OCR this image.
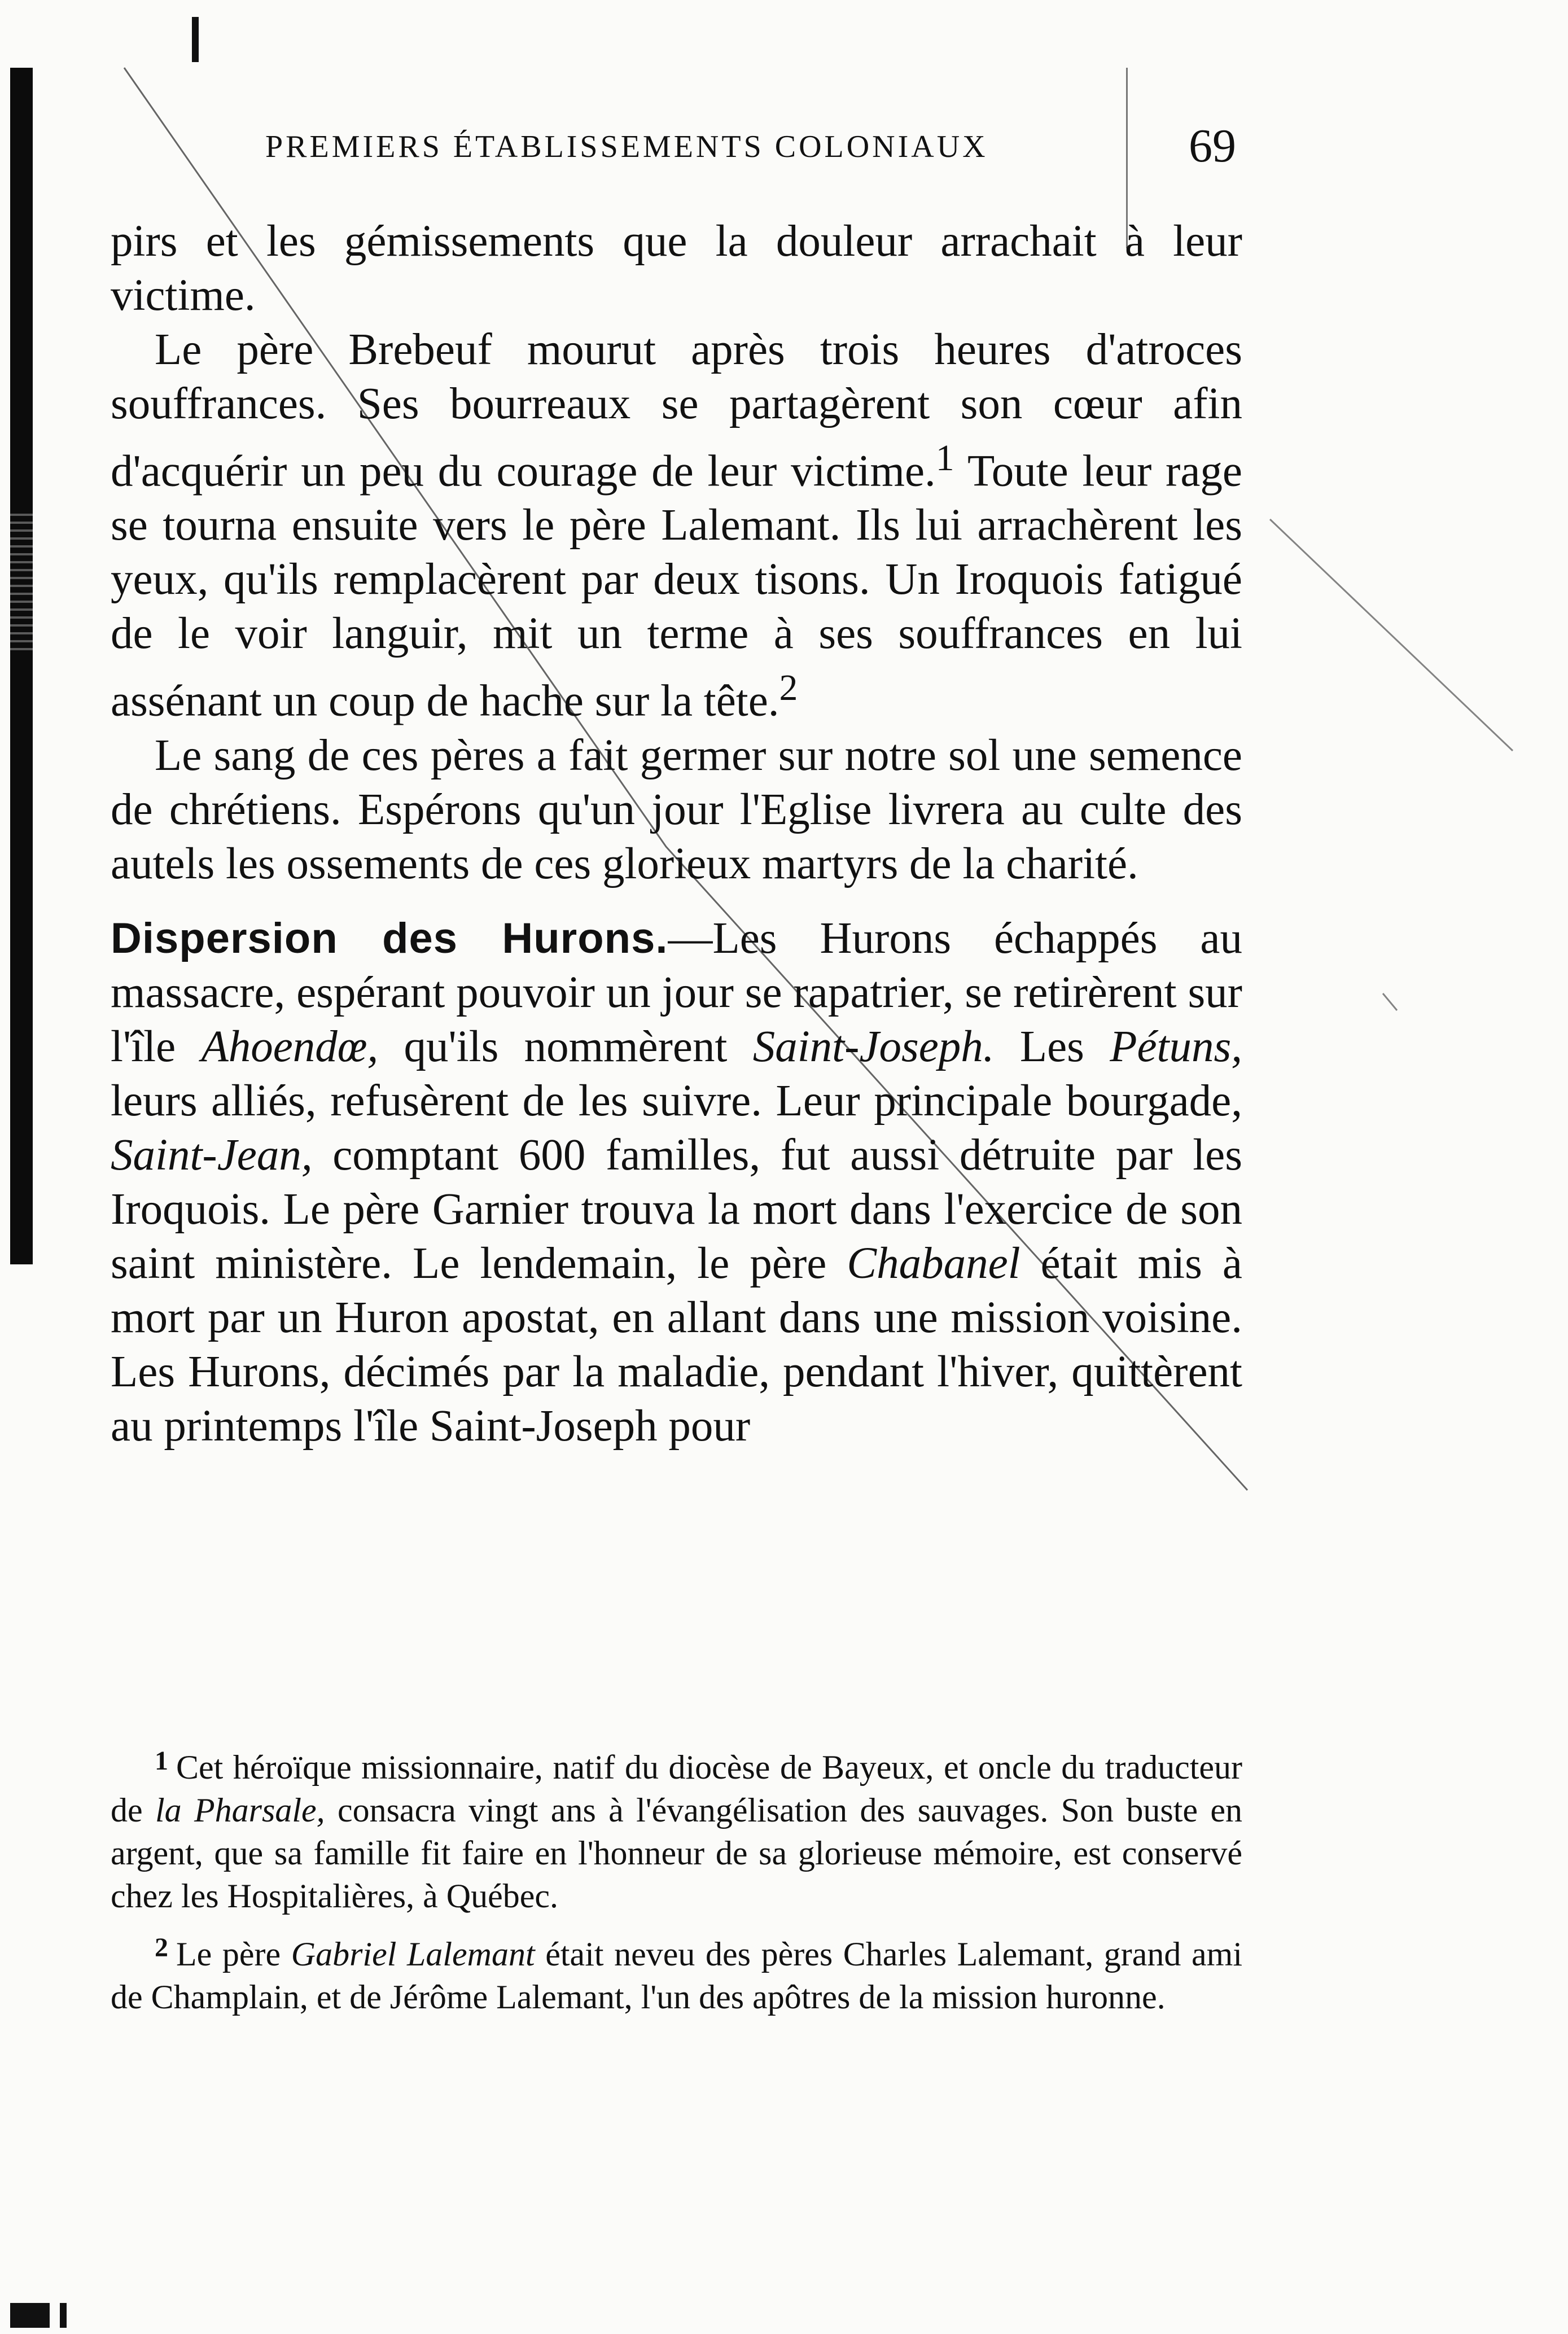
PREMIERS ÉTABLISSEMENTS COLONIAUX	69

pirs et les gémissements que la douleur arrachait à leur victime.

Le père Brebeuf mourut après trois heures d'atroces souffrances. Ses bourreaux se partagèrent son cœur afin d'acquérir un peu du courage de leur victime.$^1$ Toute leur rage se tourna ensuite vers le père Lalemant. Ils lui arrachèrent les yeux, qu'ils remplacèrent par deux tisons. Un Iroquois fatigué de le voir languir, mit un terme à ses souffrances en lui assénant un coup de hache sur la tête.$^2$

Le sang de ces pères a fait germer sur notre sol une semence de chrétiens. Espérons qu'un jour l'Eglise livrera au culte des autels les ossements de ces glorieux martyrs de la charité.

Dispersion des Hurons.—Les Hurons échappés au massacre, espérant pouvoir un jour se rapatrier, se retirèrent sur l'île Ahoendœ, qu'ils nommèrent Saint-Joseph. Les Pétuns, leurs alliés, refusèrent de les suivre. Leur principale bourgade, Saint-Jean, comptant 600 familles, fut aussi détruite par les Iroquois. Le père Garnier trouva la mort dans l'exercice de son saint ministère. Le lendemain, le père Chabanel était mis à mort par un Huron apostat, en allant dans une mission voisine. Les Hurons, décimés par la maladie, pendant l'hiver, quittèrent au printemps l'île Saint-Joseph pour

$^1$ Cet héroïque missionnaire, natif du diocèse de Bayeux, et oncle du traducteur de la Pharsale, consacra vingt ans à l'évangélisation des sauvages. Son buste en argent, que sa famille fit faire en l'honneur de sa glorieuse mémoire, est conservé chez les Hospitalières, à Québec.

$^2$ Le père Gabriel Lalemant était neveu des pères Charles Lalemant, grand ami de Champlain, et de Jérôme Lalemant, l'un des apôtres de la mission huronne.
